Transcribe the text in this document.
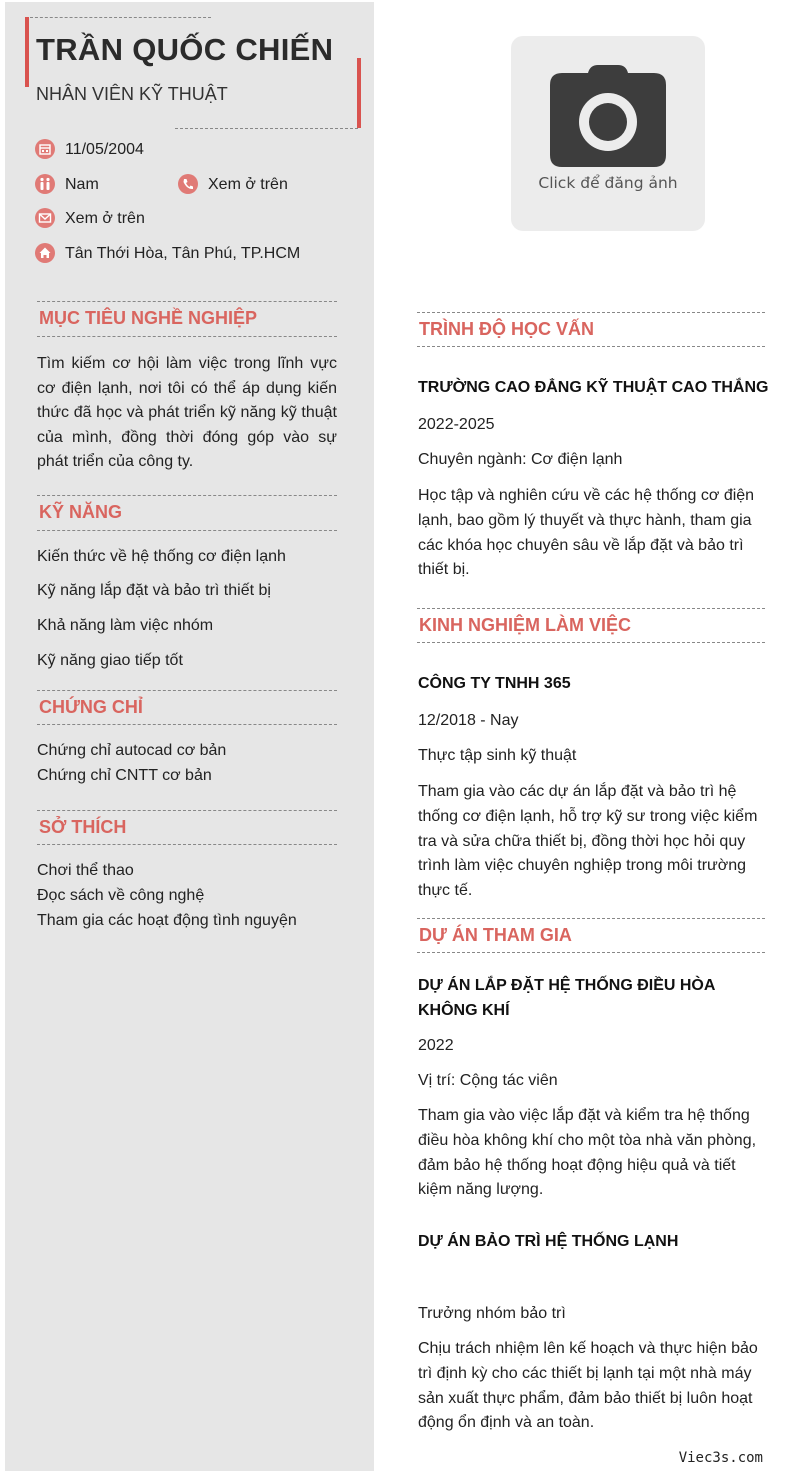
TRẦN QUỐC CHIẾN
NHÂN VIÊN KỸ THUẬT
11/05/2004
Nam	Xem ở trên
Xem ở trên
Tân Thới Hòa, Tân Phú, TP.HCM
MỤC TIÊU NGHỀ NGHIỆP
Tìm kiếm cơ hội làm việc trong lĩnh vực cơ điện lạnh, nơi tôi có thể áp dụng kiến thức đã học và phát triển kỹ năng kỹ thuật của mình, đồng thời đóng góp vào sự phát triển của công ty.
KỸ NĂNG
Kiến thức về hệ thống cơ điện lạnh
Kỹ năng lắp đặt và bảo trì thiết bị
Khả năng làm việc nhóm
Kỹ năng giao tiếp tốt
CHỨNG CHỈ
Chứng chỉ autocad cơ bản
Chứng chỉ CNTT cơ bản
SỞ THÍCH
Chơi thể thao
Đọc sách về công nghệ
Tham gia các hoạt động tình nguyện
Click để đăng ảnh
TRÌNH ĐỘ HỌC VẤN
TRƯỜNG CAO ĐẲNG KỸ THUẬT CAO THẮNG
2022-2025
Chuyên ngành: Cơ điện lạnh
Học tập và nghiên cứu về các hệ thống cơ điện lạnh, bao gồm lý thuyết và thực hành, tham gia các khóa học chuyên sâu về lắp đặt và bảo trì thiết bị.
KINH NGHIỆM LÀM VIỆC
CÔNG TY TNHH 365
12/2018 - Nay
Thực tập sinh kỹ thuật
Tham gia vào các dự án lắp đặt và bảo trì hệ thống cơ điện lạnh, hỗ trợ kỹ sư trong việc kiểm tra và sửa chữa thiết bị, đồng thời học hỏi quy trình làm việc chuyên nghiệp trong môi trường thực tế.
DỰ ÁN THAM GIA
DỰ ÁN LẮP ĐẶT HỆ THỐNG ĐIỀU HÒA KHÔNG KHÍ
2022
Vị trí: Cộng tác viên
Tham gia vào việc lắp đặt và kiểm tra hệ thống điều hòa không khí cho một tòa nhà văn phòng, đảm bảo hệ thống hoạt động hiệu quả và tiết kiệm năng lượng.
DỰ ÁN BẢO TRÌ HỆ THỐNG LẠNH
Trưởng nhóm bảo trì
Chịu trách nhiệm lên kế hoạch và thực hiện bảo trì định kỳ cho các thiết bị lạnh tại một nhà máy sản xuất thực phẩm, đảm bảo thiết bị luôn hoạt động ổn định và an toàn.
Viec3s.com
